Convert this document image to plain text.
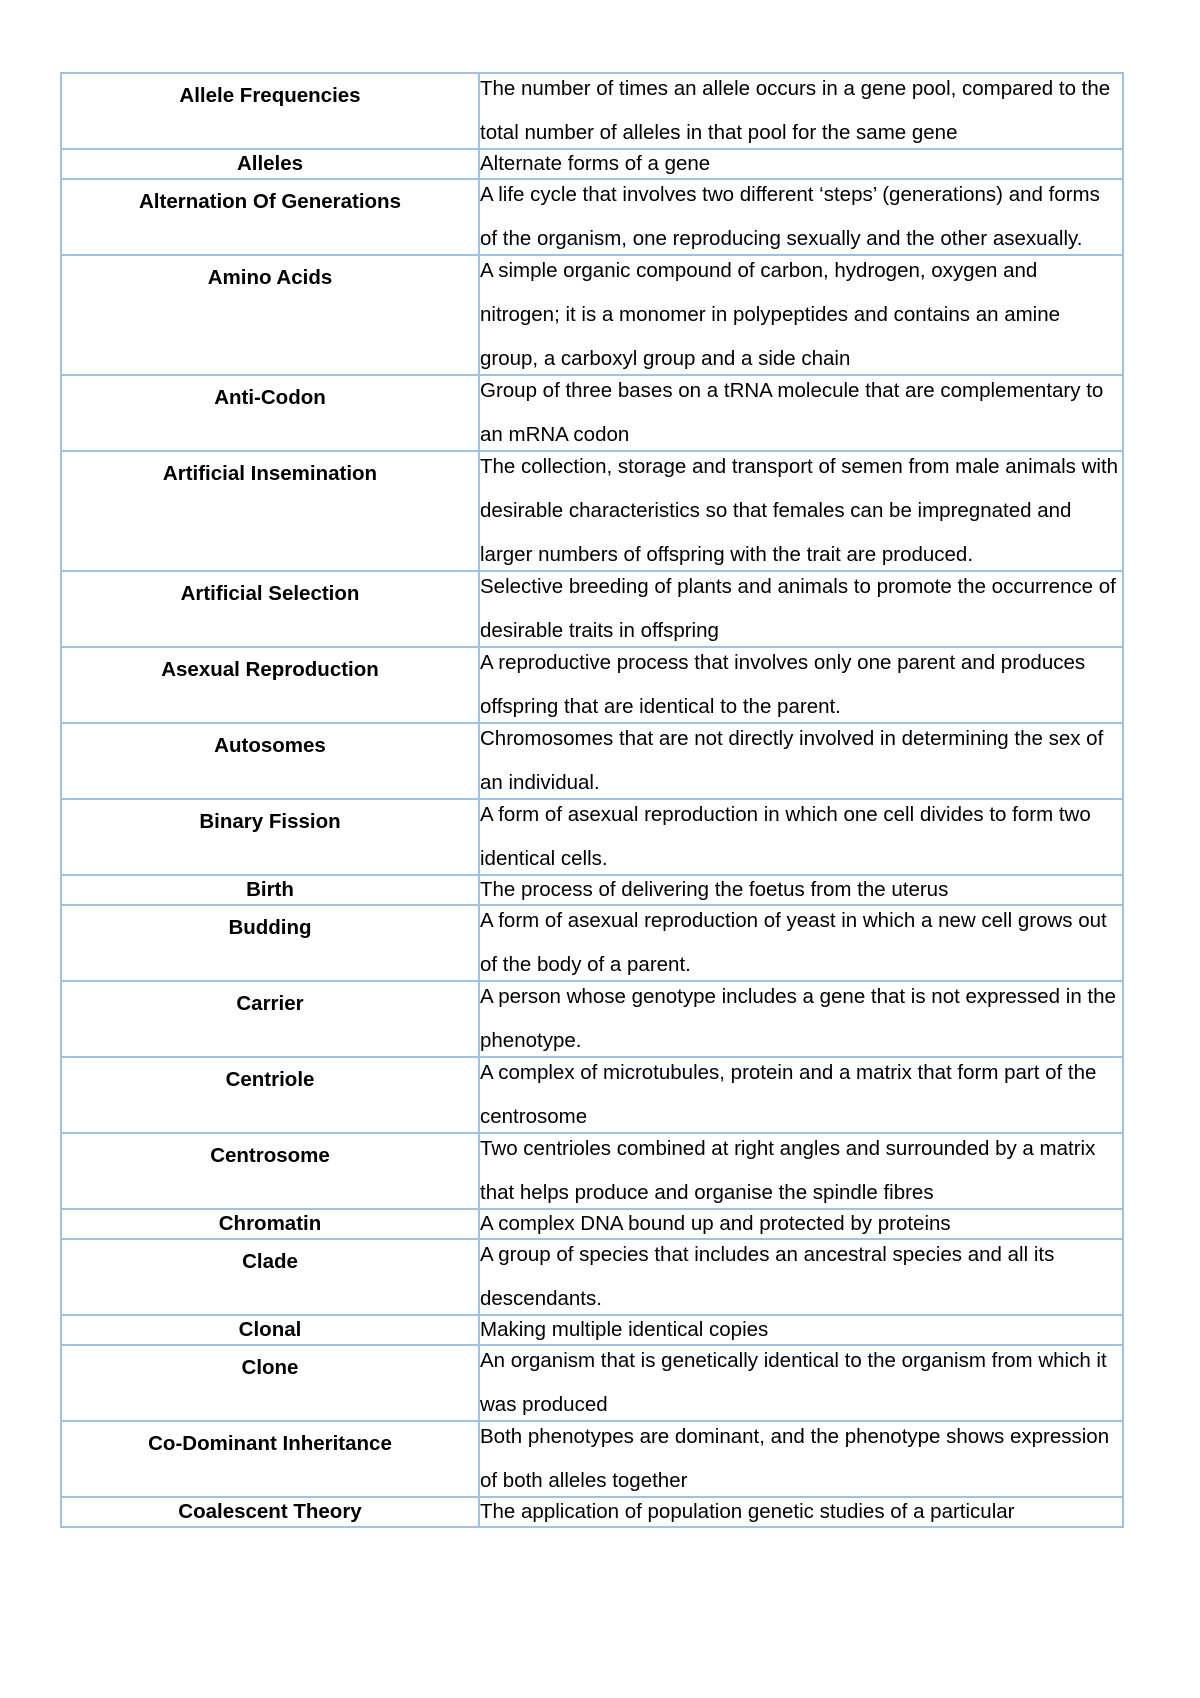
Allele Frequencies	The number of times an allele occurs in a gene pool, compared to the total number of alleles in that pool for the same gene

Alleles	Alternate forms of a gene

Alternation Of Generations	A life cycle that involves two different ‘steps’ (generations) and forms of the organism, one reproducing sexually and the other asexually.

Amino Acids	A simple organic compound of carbon, hydrogen, oxygen and nitrogen; it is a monomer in polypeptides and contains an amine group, a carboxyl group and a side chain

Anti-Codon	Group of three bases on a tRNA molecule that are complementary to an mRNA codon

Artificial Insemination	The collection, storage and transport of semen from male animals with desirable characteristics so that females can be impregnated and larger numbers of offspring with the trait are produced.

Artificial Selection	Selective breeding of plants and animals to promote the occurrence of desirable traits in offspring

Asexual Reproduction	A reproductive process that involves only one parent and produces offspring that are identical to the parent.

Autosomes	Chromosomes that are not directly involved in determining the sex of an individual.

Binary Fission	A form of asexual reproduction in which one cell divides to form two identical cells.

Birth	The process of delivering the foetus from the uterus

Budding	A form of asexual reproduction of yeast in which a new cell grows out of the body of a parent.

Carrier	A person whose genotype includes a gene that is not expressed in the phenotype.

Centriole	A complex of microtubules, protein and a matrix that form part of the centrosome

Centrosome	Two centrioles combined at right angles and surrounded by a matrix that helps produce and organise the spindle fibres

Chromatin	A complex DNA bound up and protected by proteins

Clade	A group of species that includes an ancestral species and all its descendants.

Clonal	Making multiple identical copies

Clone	An organism that is genetically identical to the organism from which it was produced

Co-Dominant Inheritance	Both phenotypes are dominant, and the phenotype shows expression of both alleles together

Coalescent Theory	The application of population genetic studies of a particular
